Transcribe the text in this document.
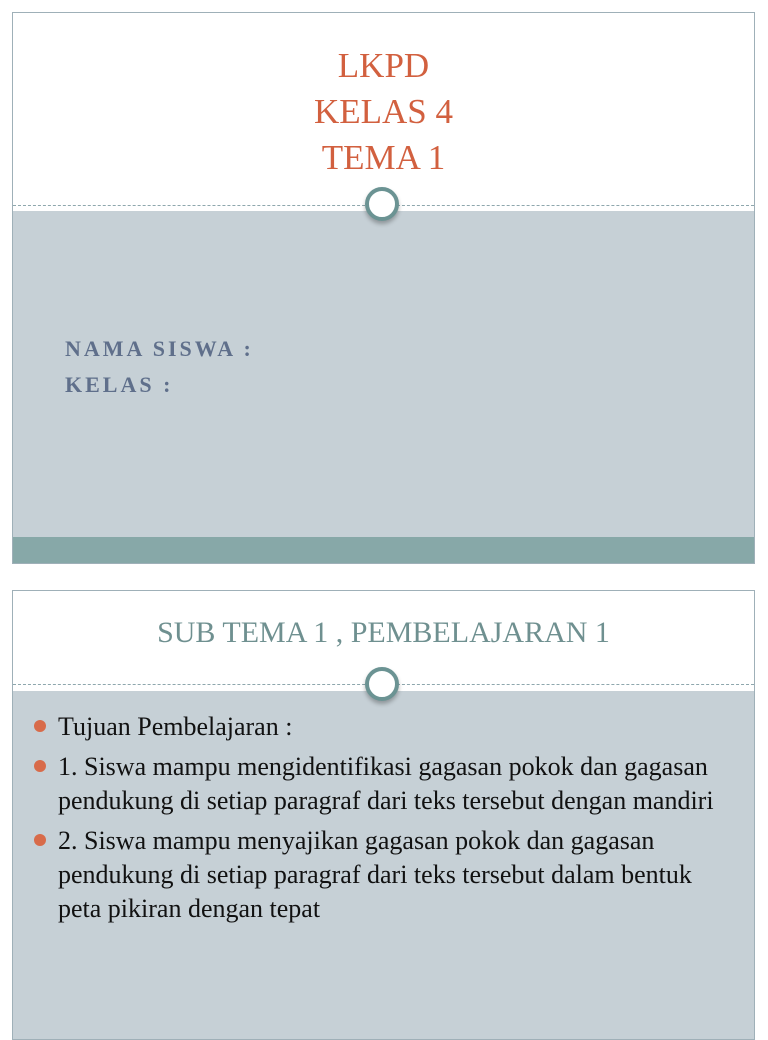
LKPD
KELAS 4
TEMA 1
NAMA SISWA :
KELAS :
SUB TEMA 1 , PEMBELAJARAN 1
Tujuan Pembelajaran :
1. Siswa mampu mengidentifikasi gagasan pokok dan gagasan pendukung di setiap paragraf dari teks tersebut dengan mandiri
2. Siswa mampu menyajikan gagasan pokok dan gagasan pendukung di setiap paragraf dari teks tersebut dalam bentuk peta pikiran dengan tepat
